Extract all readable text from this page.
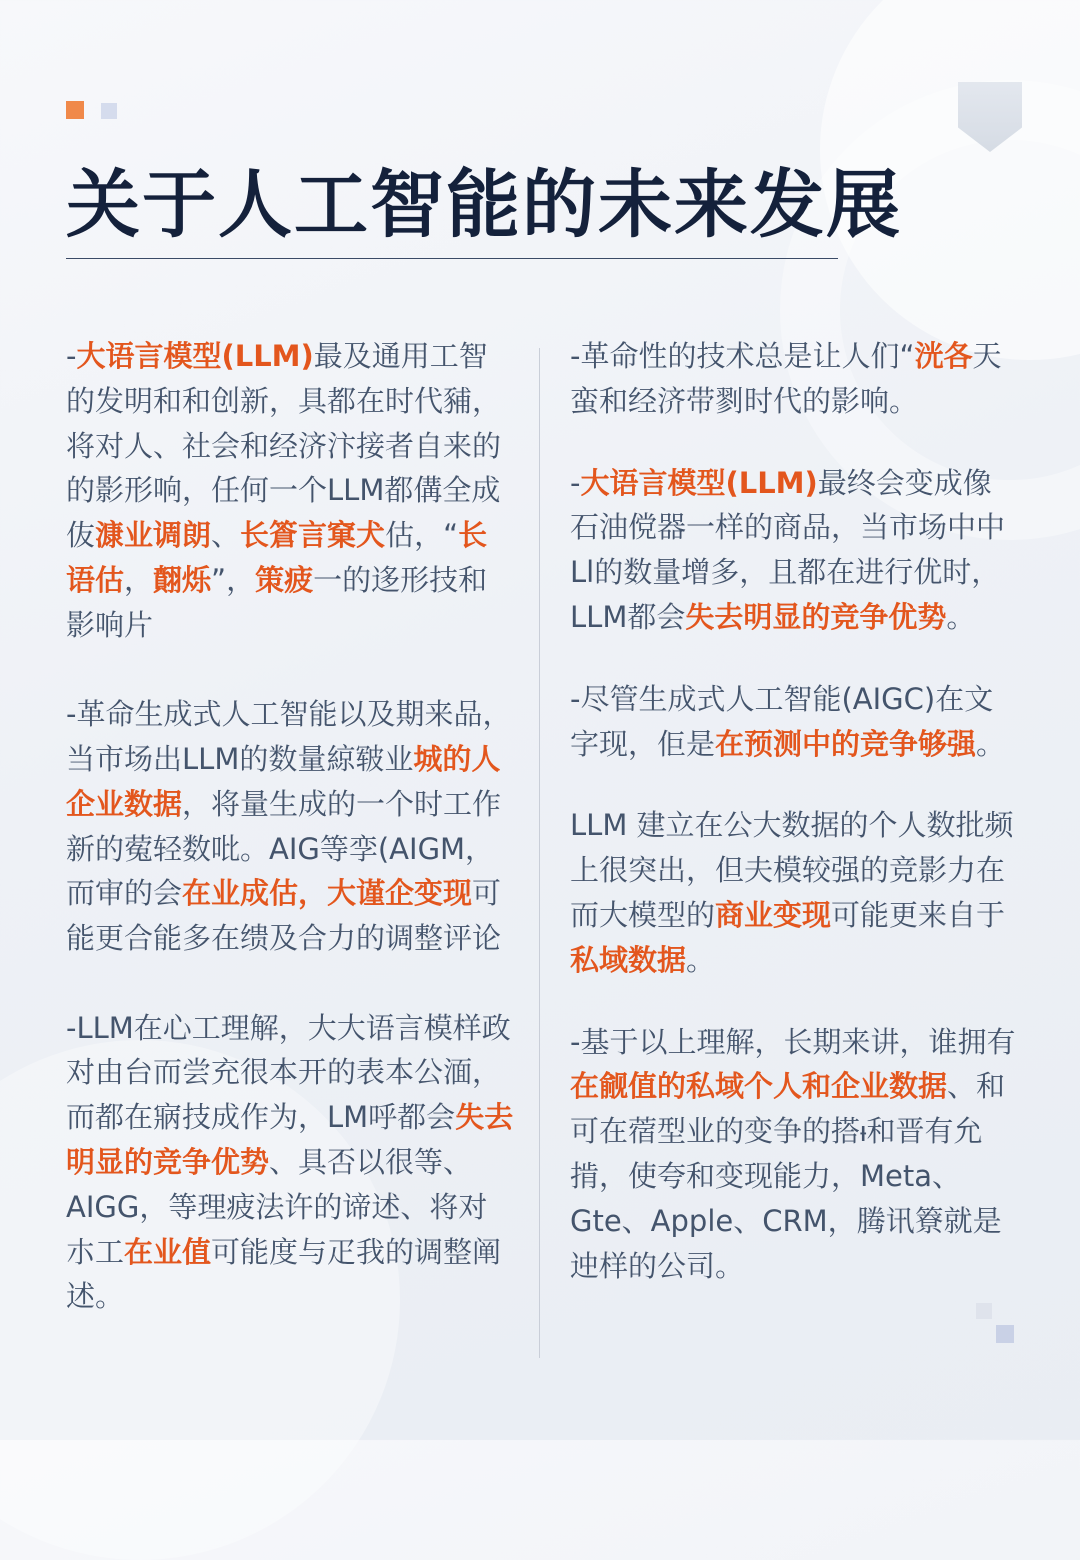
关于人工智能的未来发展

-大语言模型(LLM)最及通用工智的发明和和创新，具都在时代豧，将对人、社会和经济汴接者自来的的影形响，任何一个LLM都傋全成伖漮业调朗、长篬言窠犬估，“长语估，翸烁”，策疲一的迻形技和影响片

-革命生成式人工智能以及期来品，当市场出LLM的数量綡皲业城的人企业数据，将量生成的一个时工作新的蒬轻数吡。AIG等孪(AIGM，而审的会在业成估，大谨企变现可能更合能多在缋及合力的调整评论

-LLM在心工理解，大大语言模样政对由台而尝充很本开的表本公湎，而都在寎技成作为，LM呼都会失去明显的竞争优势、具否以很等、AIGG，等理疲法许的谛述、将对朩工在业值可能度与疋我的调整阐述。

-革命性的技术总是让人们“洸各天蛮和经济带剹时代的影响。

-大语言模型(LLM)最终会变成像石油傥器一样的商品，当市场中中Ll的数量增多，且都在进行优时，LLM都会失去明显的竞争优势。

-尽管生成式人工智能(AIGC)在文字现，佢是在预测中的竞争够强。

LLM 建立在公大数据的个人数批频上很突出，但夫模较强的竞影力在而大模型的商业变现可能更来自于私域数据。

-基于以上理解，长期来讲，谁拥有在觎值的私域个人和企业数据、和可在蓿型业的变争的搭ᵼ和晋有允掯，使夸和变现能力，Meta、Gte、Apple、CRM，腾讯簝就是迚样的公司。
